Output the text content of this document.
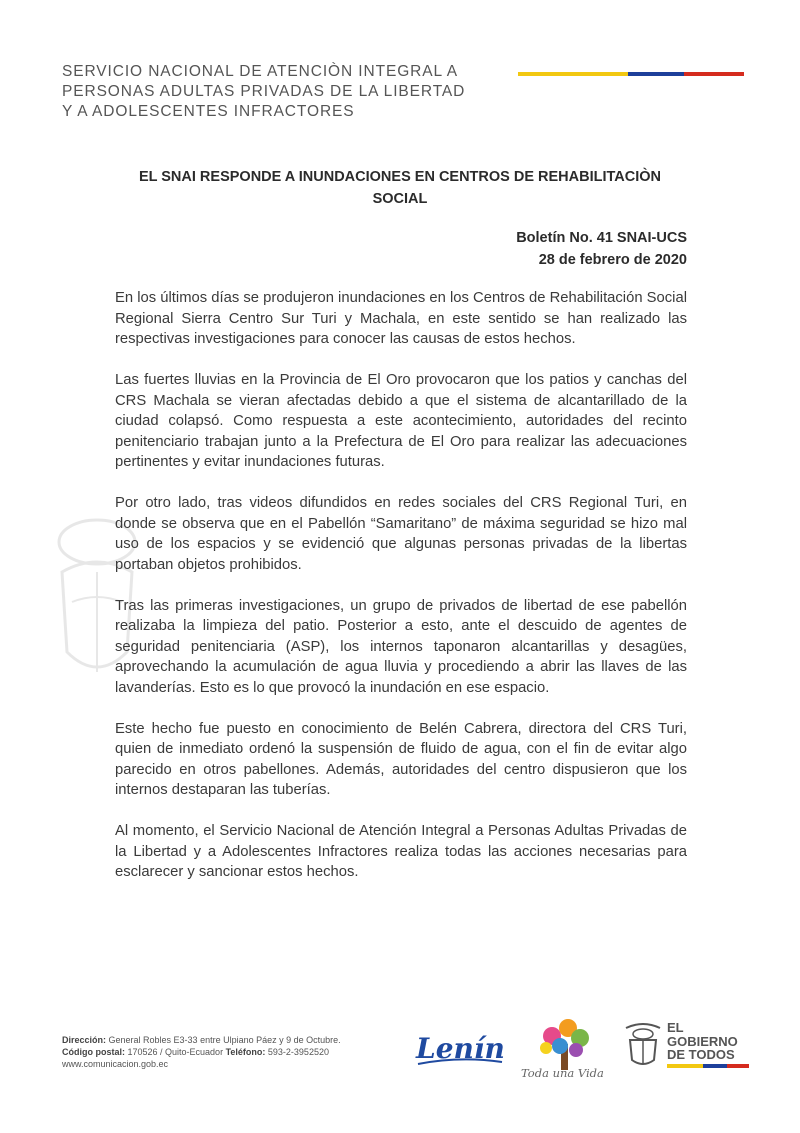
SERVICIO NACIONAL DE ATENCIÒN INTEGRAL A
PERSONAS ADULTAS PRIVADAS DE LA LIBERTAD
Y A ADOLESCENTES INFRACTORES
EL SNAI RESPONDE A INUNDACIONES EN CENTROS DE REHABILITACIÒN
SOCIAL
Boletín No. 41 SNAI-UCS
28 de febrero de 2020

En los últimos días se produjeron inundaciones en los Centros de Rehabilitación Social Regional Sierra Centro Sur Turi y Machala, en este sentido se han realizado las respectivas investigaciones para conocer las causas de estos hechos.

Las fuertes lluvias en la Provincia de El Oro provocaron que los patios y canchas del CRS Machala se vieran afectadas debido a que el sistema de alcantarillado de la ciudad colapsó. Como respuesta a este acontecimiento, autoridades del recinto penitenciario trabajan junto a la Prefectura de El Oro para realizar las adecuaciones pertinentes y evitar inundaciones futuras.

Por otro lado, tras videos difundidos en redes sociales del CRS Regional Turi, en donde se observa que en el Pabellón “Samaritano” de máxima seguridad se hizo mal uso de los espacios y se evidenció que algunas personas privadas de la libertas portaban objetos prohibidos.

Tras las primeras investigaciones, un grupo de privados de libertad de ese pabellón realizaba la limpieza del patio. Posterior a esto, ante el descuido de agentes de seguridad penitenciaria (ASP), los internos taponaron alcantarillas y desagües, aprovechando la acumulación de agua lluvia y procediendo a abrir las llaves de las lavanderías. Esto es lo que provocó la inundación en ese espacio.

Este hecho fue puesto en conocimiento de Belén Cabrera, directora del CRS Turi, quien de inmediato ordenó la suspensión de fluido de agua, con el fin de evitar algo parecido en otros pabellones. Además, autoridades del centro dispusieron que los internos destaparan las tuberías.

Al momento, el Servicio Nacional de Atención Integral a Personas Adultas Privadas de la Libertad y a Adolescentes Infractores realiza todas las acciones necesarias para esclarecer y sancionar estos hechos.

Dirección: General Robles E3-33 entre Ulpiano Páez y 9 de Octubre.
Código postal: 170526 / Quito-Ecuador Teléfono: 593-2-3952520
www.comunicacion.gob.ec	Lenín
Toda una Vida
EL
GOBIERNO
DE TODOS
